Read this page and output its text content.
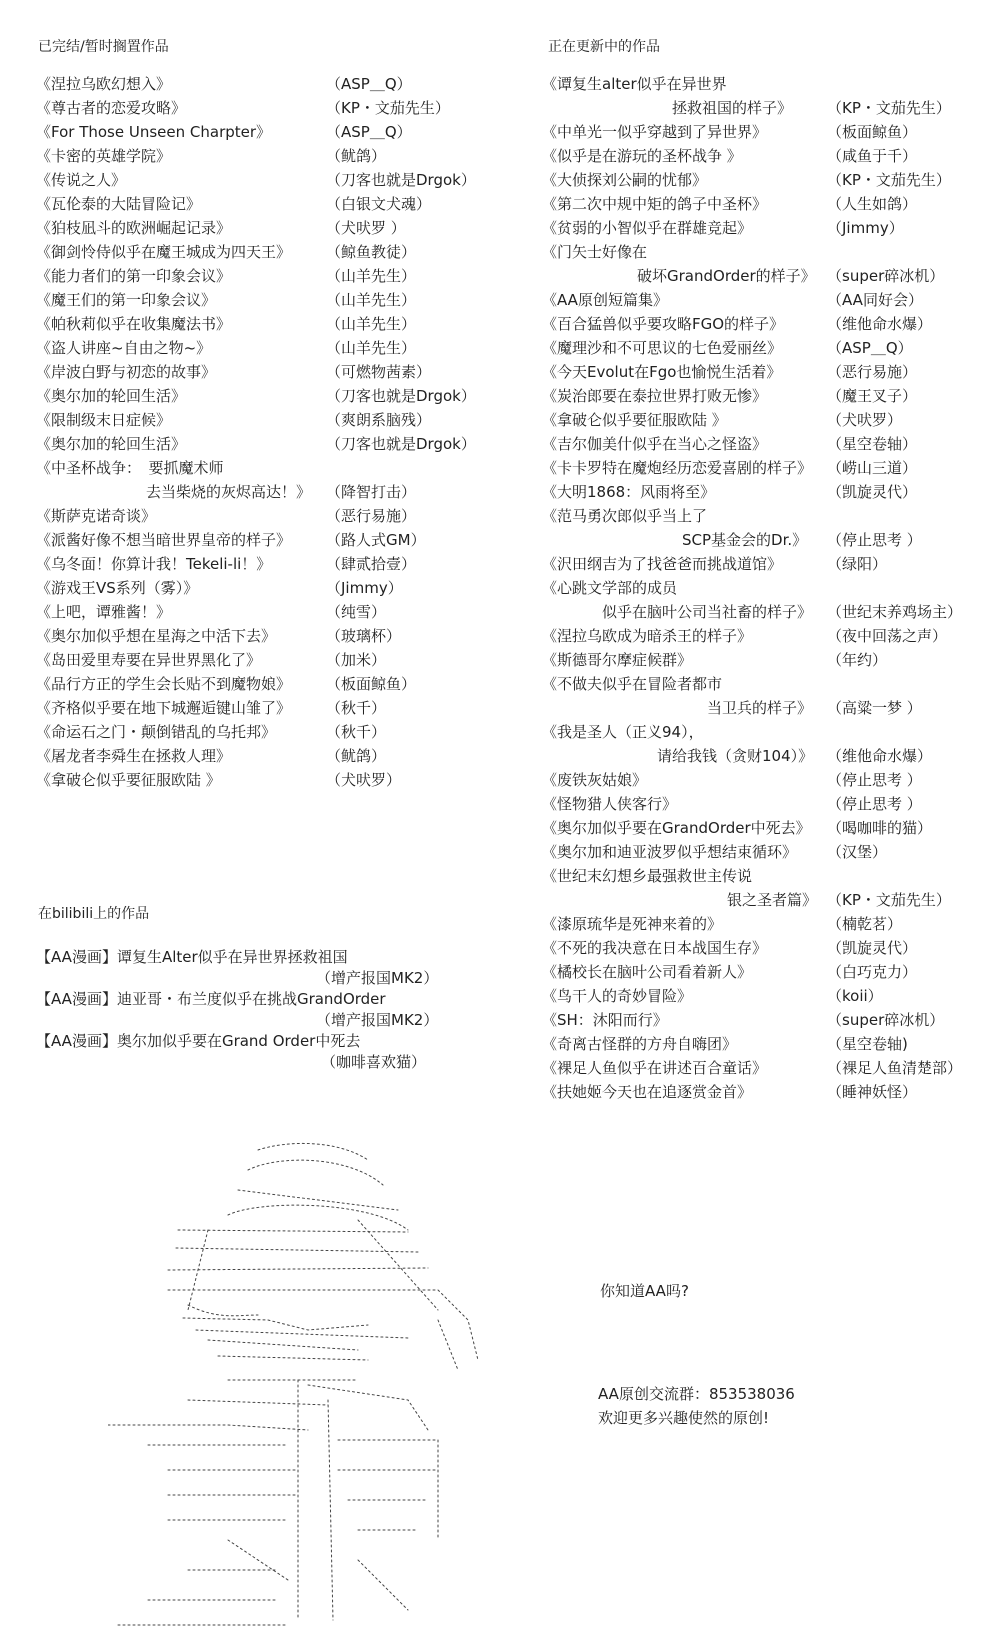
已完结/暂时搁置作品
《涅拉乌欧幻想入》	（ASP＿Q）
《尊古者的恋爱攻略》	（KP・文茄先生）
《For Those Unseen Charpter》	（ASP＿Q）
《卡密的英雄学院》	（鱿鸽）
《传说之人》	（刀客也就是Drgok）
《瓦伦泰的大陆冒险记》	（白银文犬魂）
《狛枝凪斗的欧洲崛起记录》	（犬吠罗 ）
《御剑怜侍似乎在魔王城成为四天王》 （鲸鱼教徒）
《能力者们的第一印象会议》	（山羊先生）
《魔王们的第一印象会议》	（山羊先生）
《帕秋莉似乎在收集魔法书》	（山羊先生）
《盗人讲座~自由之物~》	（山羊先生）
《岸波白野与初恋的故事》	（可燃物茜素）
《奥尔加的轮回生活》	（刀客也就是Drgok）
《限制级末日症候》	（爽朗系脑残）
《奥尔加的轮回生活》	（刀客也就是Drgok）
《中圣杯战争：　要抓魔术师
去当柴烧的灰烬高达！》 （降智打击）
《斯萨克诺奇谈》	（恶行易施）
《派酱好像不想当暗世界皇帝的样子》 （路人式GM）
《乌冬面！你算计我！Tekeli-li！》	（肆贰拾壹）
《游戏王VS系列（雾）》	（Jimmy）
《上吧，谭雅酱！》	（纯雪）
《奥尔加似乎想在星海之中活下去》	（玻璃杯）
《岛田爱里寿要在异世界黑化了》	（加米）
《品行方正的学生会长贴不到魔物娘》 （板面鲸鱼）
《齐格似乎要在地下城邂逅键山雏了》 （秋千）
《命运石之门・颠倒错乱的乌托邦》	（秋千）
《屠龙者李舜生在拯救人理》	（鱿鸽）
《拿破仑似乎要征服欧陆 》	（犬吠罗）
在bilibili上的作品
【AA漫画】谭复生Alter似乎在异世界拯救祖国
（增产报国MK2）
【AA漫画】迪亚哥・布兰度似乎在挑战GrandOrder
（增产报国MK2）
【AA漫画】奥尔加似乎要在Grand Order中死去
（咖啡喜欢猫）
正在更新中的作品
《谭复生alter似乎在异世界
拯救祖国的样子》 （KP・文茄先生）
《中单光一似乎穿越到了异世界》	（板面鲸鱼）
《似乎是在游玩的圣杯战争 》	（咸鱼于千）
《大侦探刘公嗣的忧郁》	（KP・文茄先生）
《第二次中规中矩的鸽子中圣杯》	（人生如鸽）
《贫弱的小智似乎在群雄竞起》	（Jimmy）
《门矢士好像在
破坏GrandOrder的样子》 （super碎冰机）
《AA原创短篇集》	（AA同好会）
《百合猛兽似乎要攻略FGO的样子》	（维他命水爆）
《魔理沙和不可思议的七色爱丽丝》	（ASP＿Q）
《今天Evolut在Fgo也愉悦生活着》	（恶行易施）
《炭治郎要在泰拉世界打败无惨》	（魔王叉子）
《拿破仑似乎要征服欧陆 》	（犬吠罗）
《吉尔伽美什似乎在当心之怪盗》	（星空卷轴）
《卡卡罗特在魔炮经历恋爱喜剧的样子》 （崂山三道）
《大明1868：风雨将至》	（凯旋灵代）
《范马勇次郎似乎当上了
SCP基金会的Dr.》 （停止思考 ）
《沢田纲吉为了找爸爸而挑战道馆》	（绿阳）
《心跳文学部的成员
似乎在脑叶公司当社畜的样子》 （世纪末养鸡场主）
《涅拉乌欧成为暗杀王的样子》	（夜中回荡之声）
《斯德哥尔摩症候群》	（年约）
《不做夫似乎在冒险者都市
当卫兵的样子》 （高粱一梦 ）
《我是圣人（正义94），
请给我钱（贪财104）》 （维他命水爆）
《废铁灰姑娘》	（停止思考 ）
《怪物猎人侠客行》	（停止思考 ）
《奥尔加似乎要在GrandOrder中死去》 （喝咖啡的猫）
《奥尔加和迪亚波罗似乎想结束循环》 （汉堡）
《世纪末幻想乡最强救世主传说
银之圣者篇》 （KP・文茄先生）
《漆原琉华是死神来着的》	（楠乾茗）
《不死的我决意在日本战国生存》	（凯旋灵代）
《橘校长在脑叶公司看着新人》	（白巧克力）
《鸟干人的奇妙冒险》	（koii）
《SH：沐阳而行》	（super碎冰机）
《奇离古怪群的方舟自嗨团》	（星空卷轴)
《裸足人鱼似乎在讲述百合童话》	（裸足人鱼清楚部）
《扶她姬今天也在追逐赏金首》	（睡神妖怪）
你知道AA吗?
AA原创交流群：853538036
欢迎更多兴趣使然的原创!
